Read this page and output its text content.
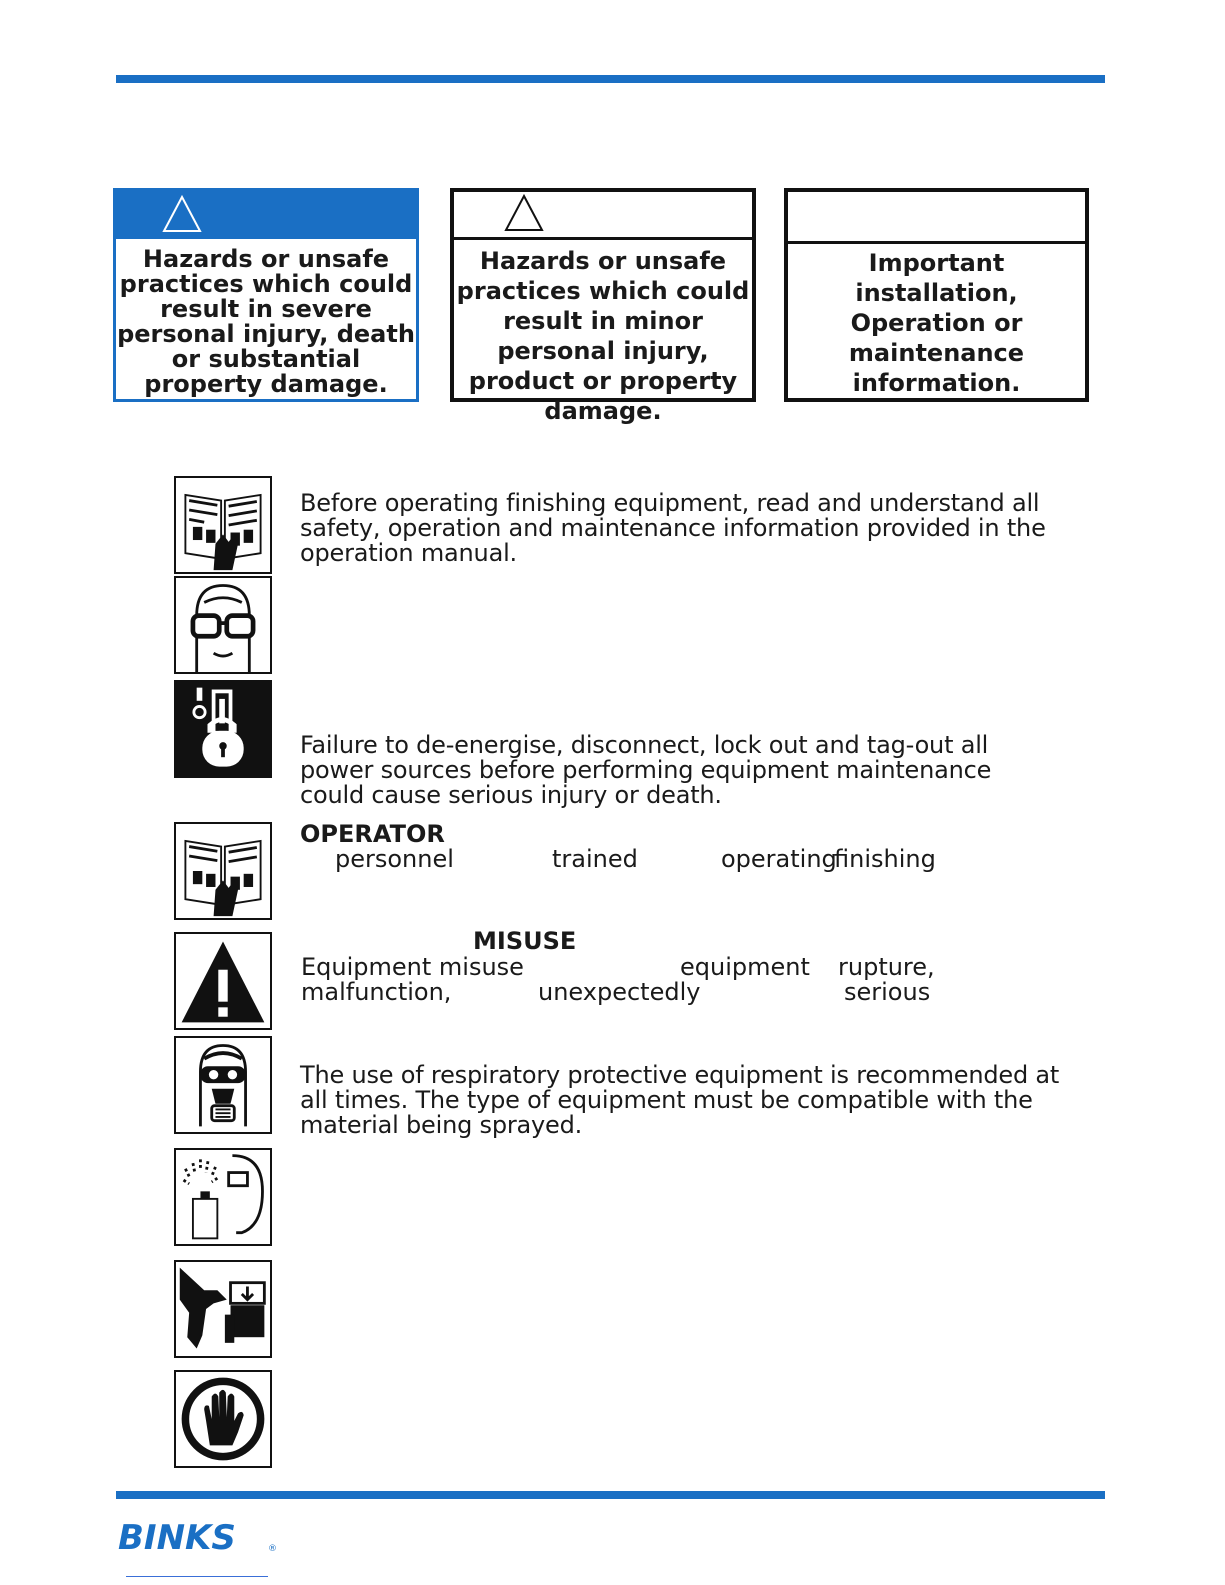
Hazards or unsafe practices which could result in severe personal injury, death or substantial property damage.
Hazards or unsafe practices which could result in minor personal injury, product or property damage.
Important installation, Operation or maintenance information.
Before operating finishing equipment, read and understand all safety, operation and maintenance information provided in the operation manual.
Failure to de-energise, disconnect, lock out and tag-out all power sources before performing equipment maintenance could cause serious injury or death.
OPERATOR
personnel	trained	operating
finishing
MISUSE
Equipment misuse	equipment rupture,
malfunction,	unexpectedly	serious
The use of respiratory protective equipment is recommended at all times. The type of equipment must be compatible with the material being sprayed.
BINKS	®
